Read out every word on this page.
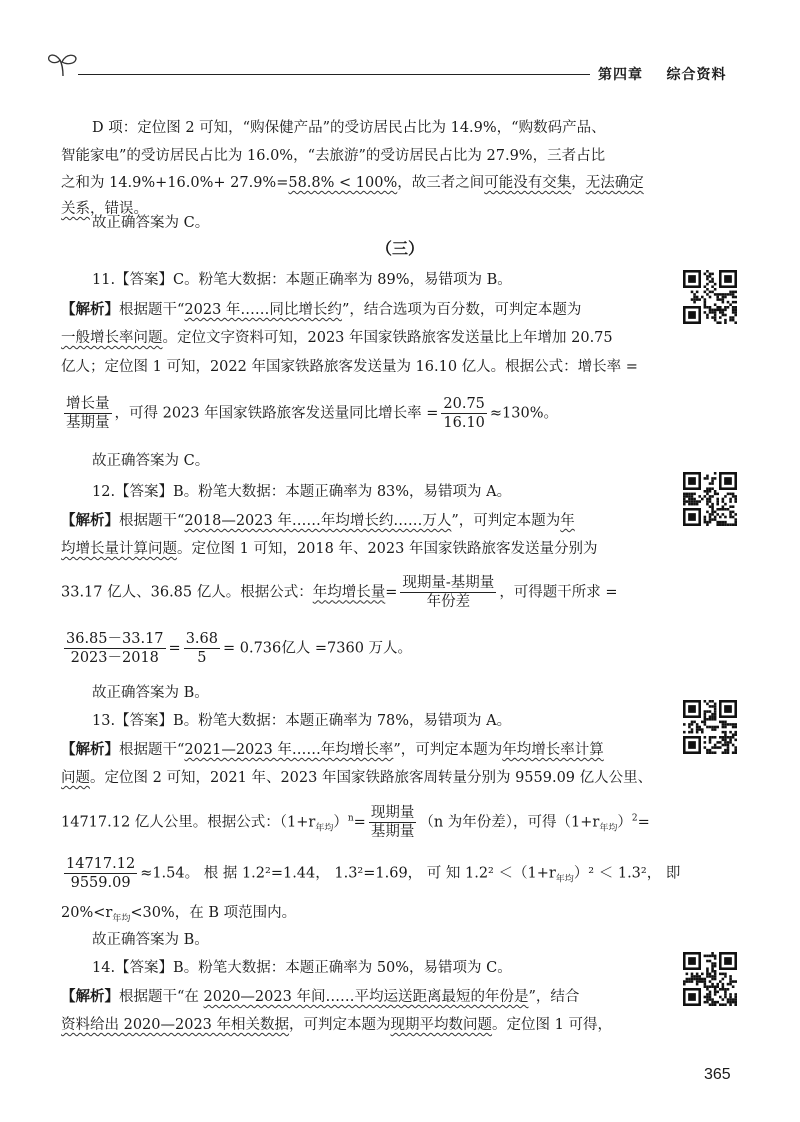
第四章 综合资料
D 项：定位图 2 可知，“购保健产品”的受访居民占比为 14.9%，“购数码产品、
智能家电”的受访居民占比为 16.0%，“去旅游”的受访居民占比为 27.9%，三者占比
之和为 14.9%+16.0%+ 27.9%=58.8% < 100%，故三者之间可能没有交集，无法确定
关系，错误。
故正确答案为 C。
（三）
11.【答案】C。粉笔大数据：本题正确率为 89%，易错项为 B。
【解析】根据题干“2023 年……同比增长约”，结合选项为百分数，可判定本题为
一般增长率问题。定位文字资料可知，2023 年国家铁路旅客发送量比上年增加 20.75
亿人；定位图 1 可知，2022 年国家铁路旅客发送量为 16.10 亿人。根据公式：增长率 =
$\frac{\text{增长量}}{\text{基期量}}$ ，可得 2023 年国家铁路旅客发送量同比增长率 = $\frac{20.75}{16.10} \approx 130\%$。
故正确答案为 C。
12.【答案】B。粉笔大数据：本题正确率为 83%，易错项为 A。
【解析】根据题干“2018—2023 年……年均增长约……万人”，可判定本题为年
均增长量计算问题。定位图 1 可知，2018 年、2023 年国家铁路旅客发送量分别为
33.17 亿人、36.85 亿人。根据公式：年均增长量= $\frac{\text{现期量-基期量}}{\text{年份差}}$ ，可得题干所求 =
$\frac{36.85-33.17}{2023-2018} = \frac{3.68}{5} = 0.736$亿人 =7360 万人。
故正确答案为 B。
13.【答案】B。粉笔大数据：本题正确率为 78%，易错项为 A。
【解析】根据题干“2021—2023 年……年均增长率”，可判定本题为年均增长率计算
问题。定位图 2 可知，2021 年、2023 年国家铁路旅客周转量分别为 9559.09 亿人公里、
14717.12 亿人公里。根据公式：$(1+r_{年均})^n= \frac{\text{现期量}}{\text{基期量}} (n$ 为年份差），可得$(1+r_{年均})^2=$
$\frac{14717.12}{9559.09} \approx 1.54$。 根 据 1.2²=1.44， 1.3²=1.69， 可 知 $1.2^2 <(1+r_{年均})^2 < 1.3^2$， 即
$20\%<r_{年均}<30\%$，在 B 项范围内。
故正确答案为 B。
14.【答案】B。粉笔大数据：本题正确率为 50%，易错项为 C。
【解析】根据题干“在 2020—2023 年间……平均运送距离最短的年份是”，结合
资料给出 2020—2023 年相关数据，可判定本题为现期平均数问题。定位图 1 可得，
365
